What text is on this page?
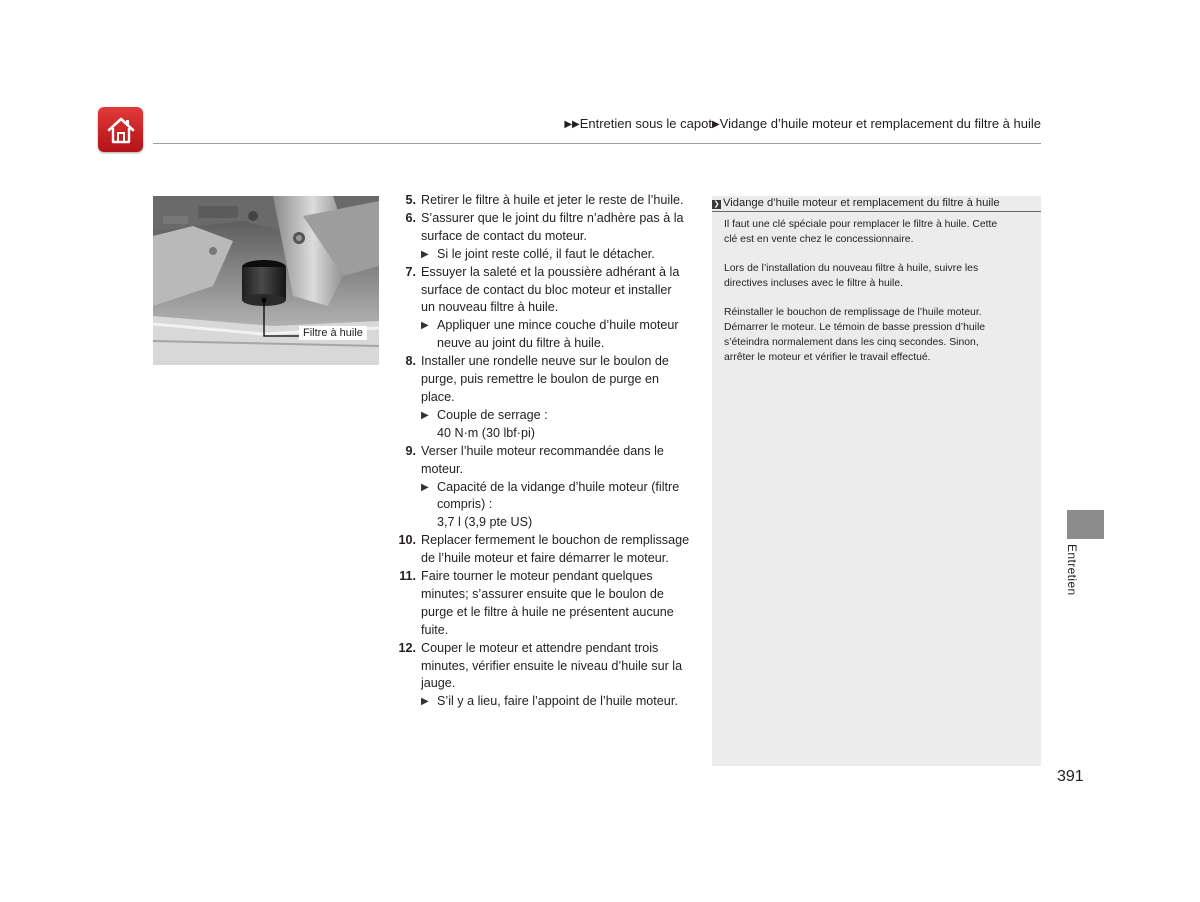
▶▶Entretien sous le capot▶Vidange d’huile moteur et remplacement du filtre à huile
Filtre à huile
5. Retirer le filtre à huile et jeter le reste de l’huile.
6. S’assurer que le joint du filtre n’adhère pas à la
surface de contact du moteur.
▶ Si le joint reste collé, il faut le détacher.
7. Essuyer la saleté et la poussière adhérant à la
surface de contact du bloc moteur et installer
un nouveau filtre à huile.
▶ Appliquer une mince couche d’huile moteur
neuve au joint du filtre à huile.
8. Installer une rondelle neuve sur le boulon de
purge, puis remettre le boulon de purge en
place.
▶ Couple de serrage :
40 N·m (30 lbf·pi)
9. Verser l’huile moteur recommandée dans le
moteur.
▶ Capacité de la vidange d’huile moteur (filtre
compris) :
3,7 l (3,9 pte US)
10. Replacer fermement le bouchon de remplissage
de l’huile moteur et faire démarrer le moteur.
11. Faire tourner le moteur pendant quelques
minutes; s’assurer ensuite que le boulon de
purge et le filtre à huile ne présentent aucune
fuite.
12. Couper le moteur et attendre pendant trois
minutes, vérifier ensuite le niveau d’huile sur la
jauge.
▶ S’il y a lieu, faire l’appoint de l’huile moteur.
❯ Vidange d’huile moteur et remplacement du filtre à huile

Il faut une clé spéciale pour remplacer le filtre à huile. Cette
clé est en vente chez le concessionnaire.

Lors de l’installation du nouveau filtre à huile, suivre les
directives incluses avec le filtre à huile.

Réinstaller le bouchon de remplissage de l’huile moteur.
Démarrer le moteur. Le témoin de basse pression d’huile
s’éteindra normalement dans les cinq secondes. Sinon,
arrêter le moteur et vérifier le travail effectué.

Entretien
391
